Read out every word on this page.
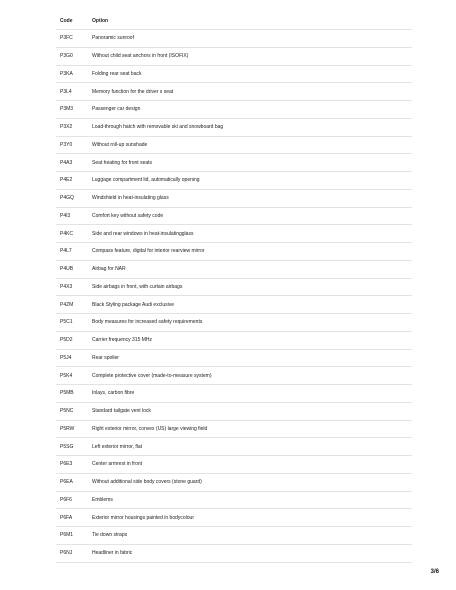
Code	Option
P3FC	Panoramic sunroof
P3G0	Without child seat anchors in front (ISOFIX)
P3KA	Folding rear seat back
P3L4	Memory function for the driver s seat
P3M3	Passenger car design
P3X2	Load-through hatch with removable ski and snowboard bag
P3Y0	Without roll-up sunshade
P4A3	Seat heating for front seats
P4E2	Luggage compartment lid, automatically opening
P4GQ	Windshield in heat-insulating glass
P4I3	Comfort key without safety code
P4KC	Side and rear windows in heat-insulatingglass
P4L7	Compass feature, digital for interior rearview mirror
P4UB	Airbag for NAR
P4X3	Side airbags in front, with curtain airbags
P4ZM	Black Styling package Audi exclusive
P5C1	Body measures for increased safety requirements
P5D2	Carrier frequency 315 MHz
P5J4	Rear spoiler
P5K4	Complete protective cover (made-to-measure system)
P5MB	Inlays, carbon fibre
P5NC	Standard tailgate vent lock
P5RW	Right exterior mirror, convex (US) large viewing field
P5SG	Left exterior mirror, flat
P6E3	Center armrest in front
P6EA	Without additional side body covers (stone guard)
P6F6	Emblems
P6FA	Exterior mirror housings painted in bodycolour
P6M1	Tie down straps
P6NJ	Headliner in fabric
3/6
